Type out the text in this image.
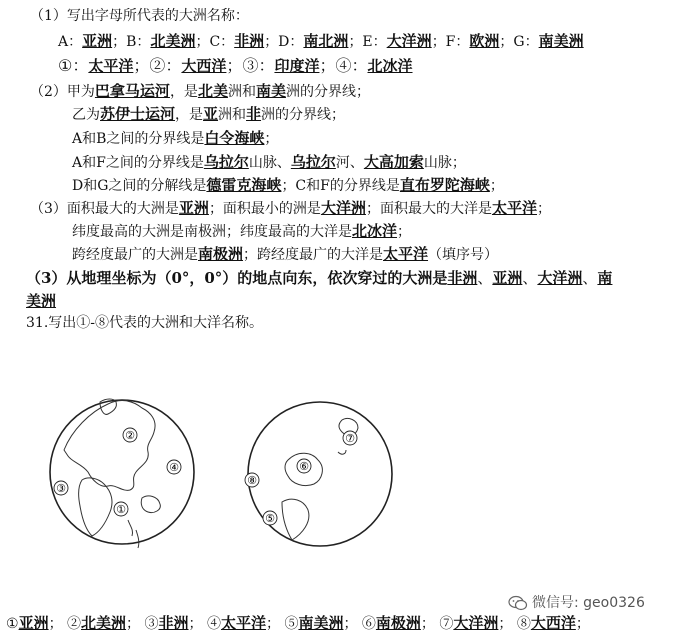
（1）写出字母所代表的大洲名称：
A：亚洲；B：北美洲；C：非洲；D：南北洲；E：大洋洲；F：欧洲；G：南美洲
①：太平洋；②：大西洋；③：印度洋；④：北冰洋
（2）甲为巴拿马运河，是北美洲和南美洲的分界线；
乙为苏伊士运河，是亚洲和非洲的分界线；
A和B之间的分界线是白令海峡；
A和F之间的分界线是乌拉尔山脉、乌拉尔河、大高加索山脉；
D和G之间的分解线是德雷克海峡；C和F的分界线是直布罗陀海峡；
（3）面积最大的大洲是亚洲；面积最小的洲是大洋洲；面积最大的大洋是太平洋；
纬度最高的大洲是南极洲；纬度最高的大洋是北冰洋；
跨经度最广的大洲是南极洲；跨经度最广的大洋是太平洋（填序号）
（3）从地理坐标为（0°，0°）的地点向东，依次穿过的大洲是非洲、亚洲、大洋洲、南
美洲
31.写出①-⑧代表的大洲和大洋名称。
①
②
③
④
⑤
⑥
⑦
⑧
微信号: geo0326
①亚洲； ②北美洲； ③非洲； ④太平洋； ⑤南美洲； ⑥南极洲； ⑦大洋洲； ⑧大西洋；
